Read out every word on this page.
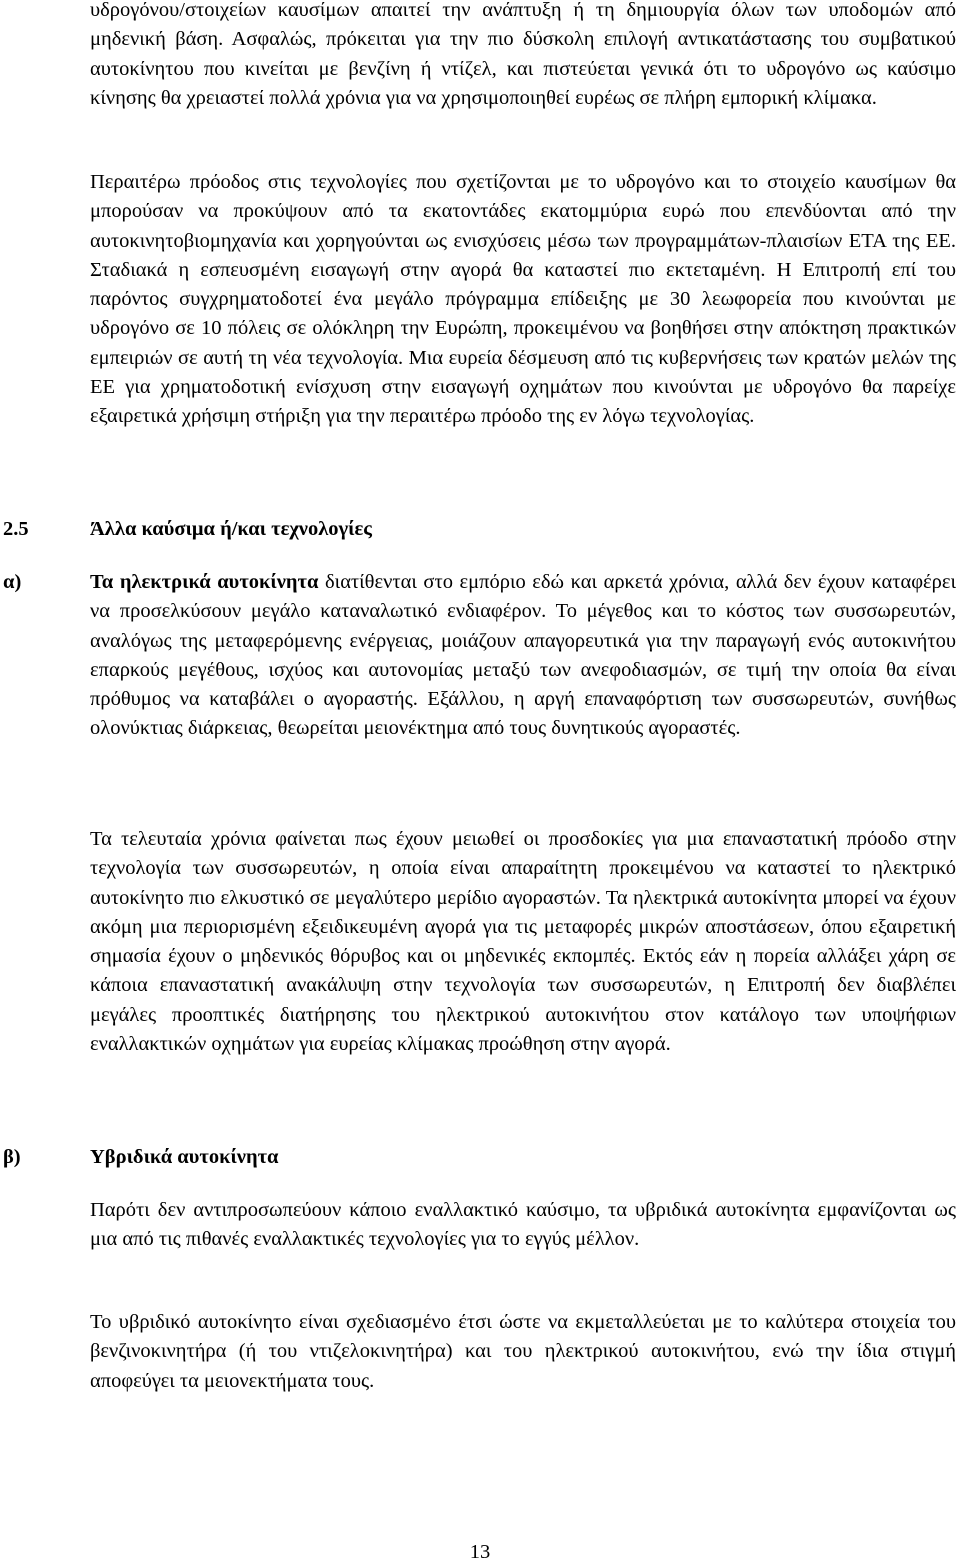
υδρογόνου/στοιχείων καυσίμων απαιτεί την ανάπτυξη ή τη δημιουργία όλων των υποδομών από μηδενική βάση. Ασφαλώς, πρόκειται για την πιο δύσκολη επιλογή αντικατάστασης του συμβατικού αυτοκίνητου που κινείται με βενζίνη ή ντίζελ, και πιστεύεται γενικά ότι το υδρογόνο ως καύσιμο κίνησης θα χρειαστεί πολλά χρόνια για να χρησιμοποιηθεί ευρέως σε πλήρη εμπορική κλίμακα.

Περαιτέρω πρόοδος στις τεχνολογίες που σχετίζονται με το υδρογόνο και το στοιχείο καυσίμων θα μπορούσαν να προκύψουν από τα εκατοντάδες εκατομμύρια ευρώ που επενδύονται από την αυτοκινητοβιομηχανία και χορηγούνται ως ενισχύσεις μέσω των προγραμμάτων-πλαισίων ΕΤΑ της ΕΕ. Σταδιακά η εσπευσμένη εισαγωγή στην αγορά θα καταστεί πιο εκτεταμένη. Η Επιτροπή επί του παρόντος συγχρηματοδοτεί ένα μεγάλο πρόγραμμα επίδειξης με 30 λεωφορεία που κινούνται με υδρογόνο σε 10 πόλεις σε ολόκληρη την Ευρώπη, προκειμένου να βοηθήσει στην απόκτηση πρακτικών εμπειριών σε αυτή τη νέα τεχνολογία. Μια ευρεία δέσμευση από τις κυβερνήσεις των κρατών μελών της ΕΕ για χρηματοδοτική ενίσχυση στην εισαγωγή οχημάτων που κινούνται με υδρογόνο θα παρείχε εξαιρετικά χρήσιμη στήριξη για την περαιτέρω πρόοδο της εν λόγω τεχνολογίας.

2.5	Άλλα καύσιμα ή/και τεχνολογίες
α)	Τα ηλεκτρικά αυτοκίνητα διατίθενται στο εμπόριο εδώ και αρκετά χρόνια, αλλά δεν έχουν καταφέρει να προσελκύσουν μεγάλο καταναλωτικό ενδιαφέρον. Το μέγεθος και το κόστος των συσσωρευτών, αναλόγως της μεταφερόμενης ενέργειας, μοιάζουν απαγορευτικά για την παραγωγή ενός αυτοκινήτου επαρκούς μεγέθους, ισχύος και αυτονομίας μεταξύ των ανεφοδιασμών, σε τιμή την οποία θα είναι πρόθυμος να καταβάλει ο αγοραστής. Εξάλλου, η αργή επαναφόρτιση των συσσωρευτών, συνήθως ολονύκτιας διάρκειας, θεωρείται μειονέκτημα από τους δυνητικούς αγοραστές.

Τα τελευταία χρόνια φαίνεται πως έχουν μειωθεί οι προσδοκίες για μια επαναστατική πρόοδο στην τεχνολογία των συσσωρευτών, η οποία είναι απαραίτητη προκειμένου να καταστεί το ηλεκτρικό αυτοκίνητο πιο ελκυστικό σε μεγαλύτερο μερίδιο αγοραστών. Τα ηλεκτρικά αυτοκίνητα μπορεί να έχουν ακόμη μια περιορισμένη εξειδικευμένη αγορά για τις μεταφορές μικρών αποστάσεων, όπου εξαιρετική σημασία έχουν ο μηδενικός θόρυβος και οι μηδενικές εκπομπές. Εκτός εάν η πορεία αλλάξει χάρη σε κάποια επαναστατική ανακάλυψη στην τεχνολογία των συσσωρευτών, η Επιτροπή δεν διαβλέπει μεγάλες προοπτικές διατήρησης του ηλεκτρικού αυτοκινήτου στον κατάλογο των υποψήφιων εναλλακτικών οχημάτων για ευρείας κλίμακας προώθηση στην αγορά.

β)	Υβριδικά αυτοκίνητα

Παρότι δεν αντιπροσωπεύουν κάποιο εναλλακτικό καύσιμο, τα υβριδικά αυτοκίνητα εμφανίζονται ως μια από τις πιθανές εναλλακτικές τεχνολογίες για το εγγύς μέλλον.

Το υβριδικό αυτοκίνητο είναι σχεδιασμένο έτσι ώστε να εκμεταλλεύεται με το καλύτερα στοιχεία του βενζινοκινητήρα (ή του ντιζελοκινητήρα) και του ηλεκτρικού αυτοκινήτου, ενώ την ίδια στιγμή αποφεύγει τα μειονεκτήματα τους.

13
